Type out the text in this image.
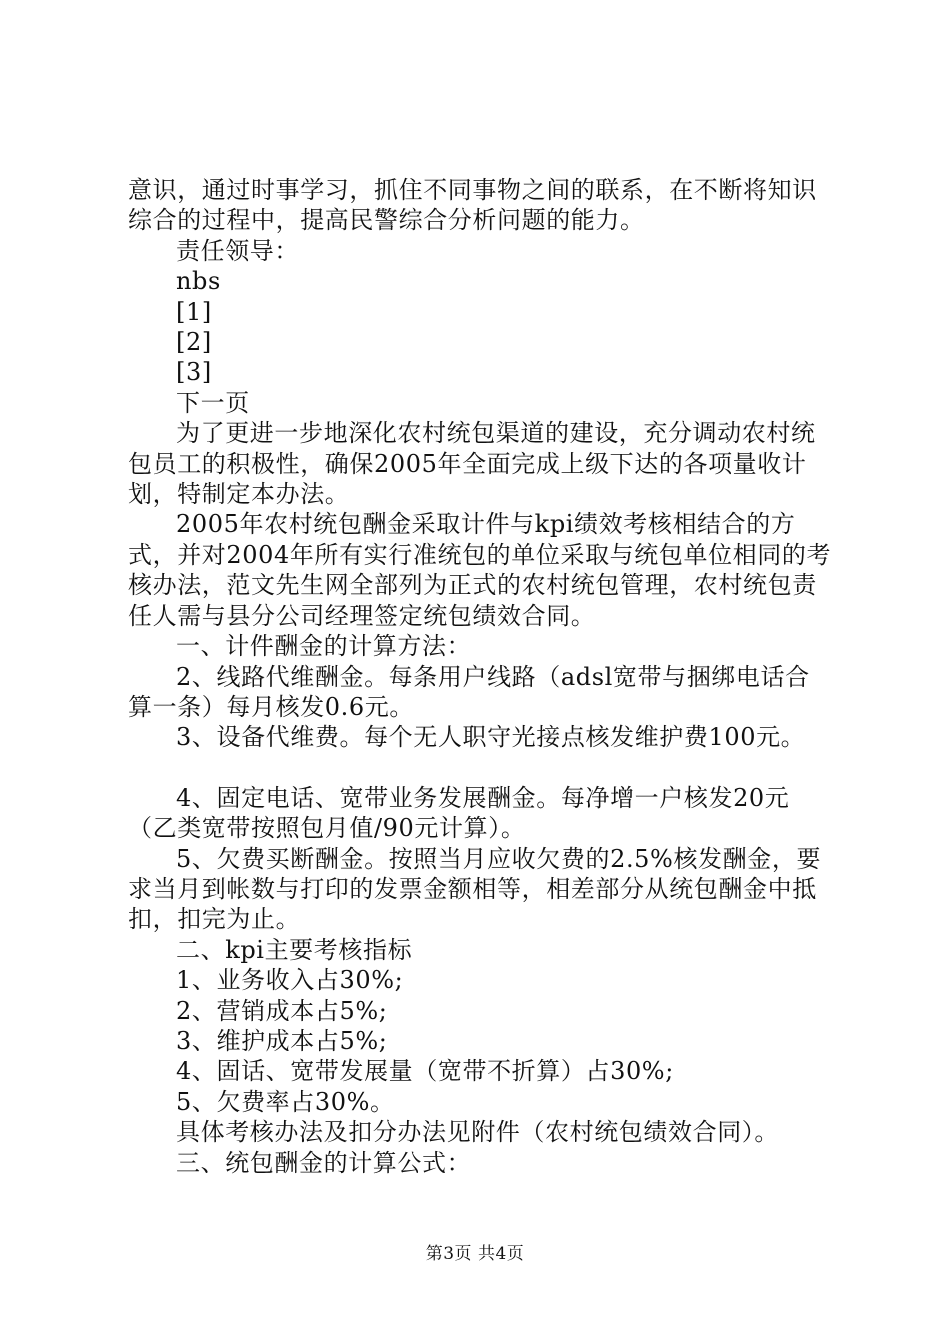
意识，通过时事学习，抓住不同事物之间的联系，在不断将知识综合的过程中，提高民警综合分析问题的能力。

责任领导：

nbs

[1]

[2]

[3]

下一页

为了更进一步地深化农村统包渠道的建设，充分调动农村统包员工的积极性，确保2005年全面完成上级下达的各项量收计划，特制定本办法。

2005年农村统包酬金采取计件与kpi绩效考核相结合的方式，并对2004年所有实行准统包的单位采取与统包单位相同的考核办法，范文先生网全部列为正式的农村统包管理，农村统包责任人需与县分公司经理签定统包绩效合同。

一、计件酬金的计算方法：

2、线路代维酬金。每条用户线路（adsl宽带与捆绑电话合算一条）每月核发0.6元。

3、设备代维费。每个无人职守光接点核发维护费100元。

4、固定电话、宽带业务发展酬金。每净增一户核发20元（乙类宽带按照包月值/90元计算）。

5、欠费买断酬金。按照当月应收欠费的2.5%核发酬金，要求当月到帐数与打印的发票金额相等，相差部分从统包酬金中抵扣，扣完为止。

二、kpi主要考核指标

1、业务收入占30%;

2、营销成本占5%;

3、维护成本占5%;

4、固话、宽带发展量（宽带不折算）占30%;

5、欠费率占30%。

具体考核办法及扣分办法见附件（农村统包绩效合同）。

三、统包酬金的计算公式：

第3页 共4页
